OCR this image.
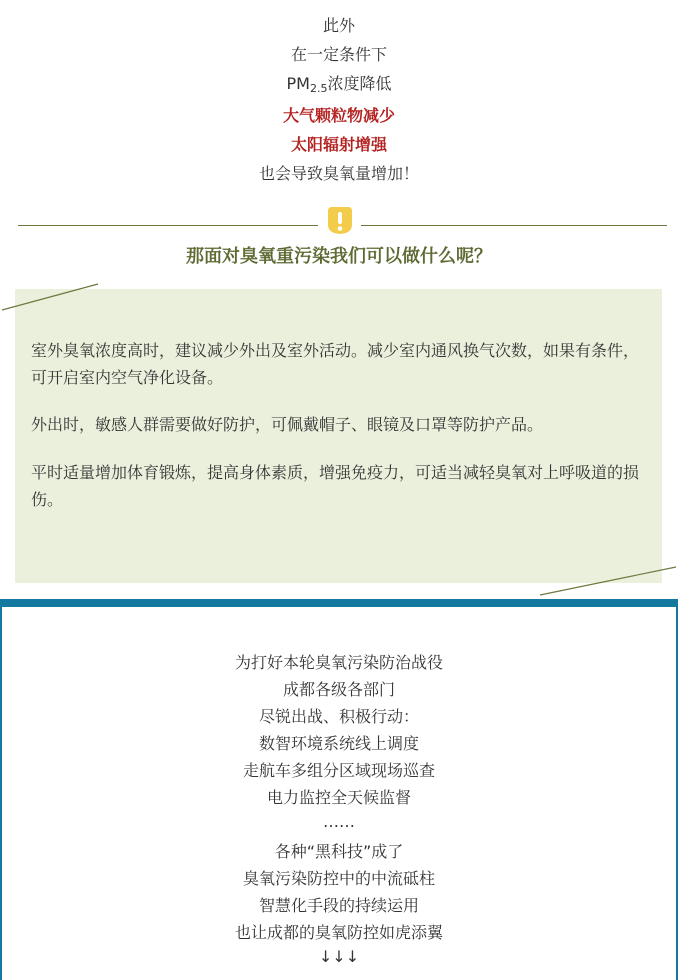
此外
在一定条件下
$PM_{2.5}$浓度降低
大气颗粒物减少
太阳辐射增强
也会导致臭氧量增加！
那面对臭氧重污染我们可以做什么呢？
室外臭氧浓度高时，建议减少外出及室外活动。减少室内通风换气次数，如果有条件，可开启室内空气净化设备。
外出时，敏感人群需要做好防护，可佩戴帽子、眼镜及口罩等防护产品。
平时适量增加体育锻炼，提高身体素质，增强免疫力，可适当减轻臭氧对上呼吸道的损伤。
为打好本轮臭氧污染防治战役
成都各级各部门
尽锐出战、积极行动：
数智环境系统线上调度
走航车多组分区域现场巡查
电力监控全天候监督
……
各种“黑科技”成了
臭氧污染防控中的中流砥柱
智慧化手段的持续运用
也让成都的臭氧防控如虎添翼
↓↓↓
